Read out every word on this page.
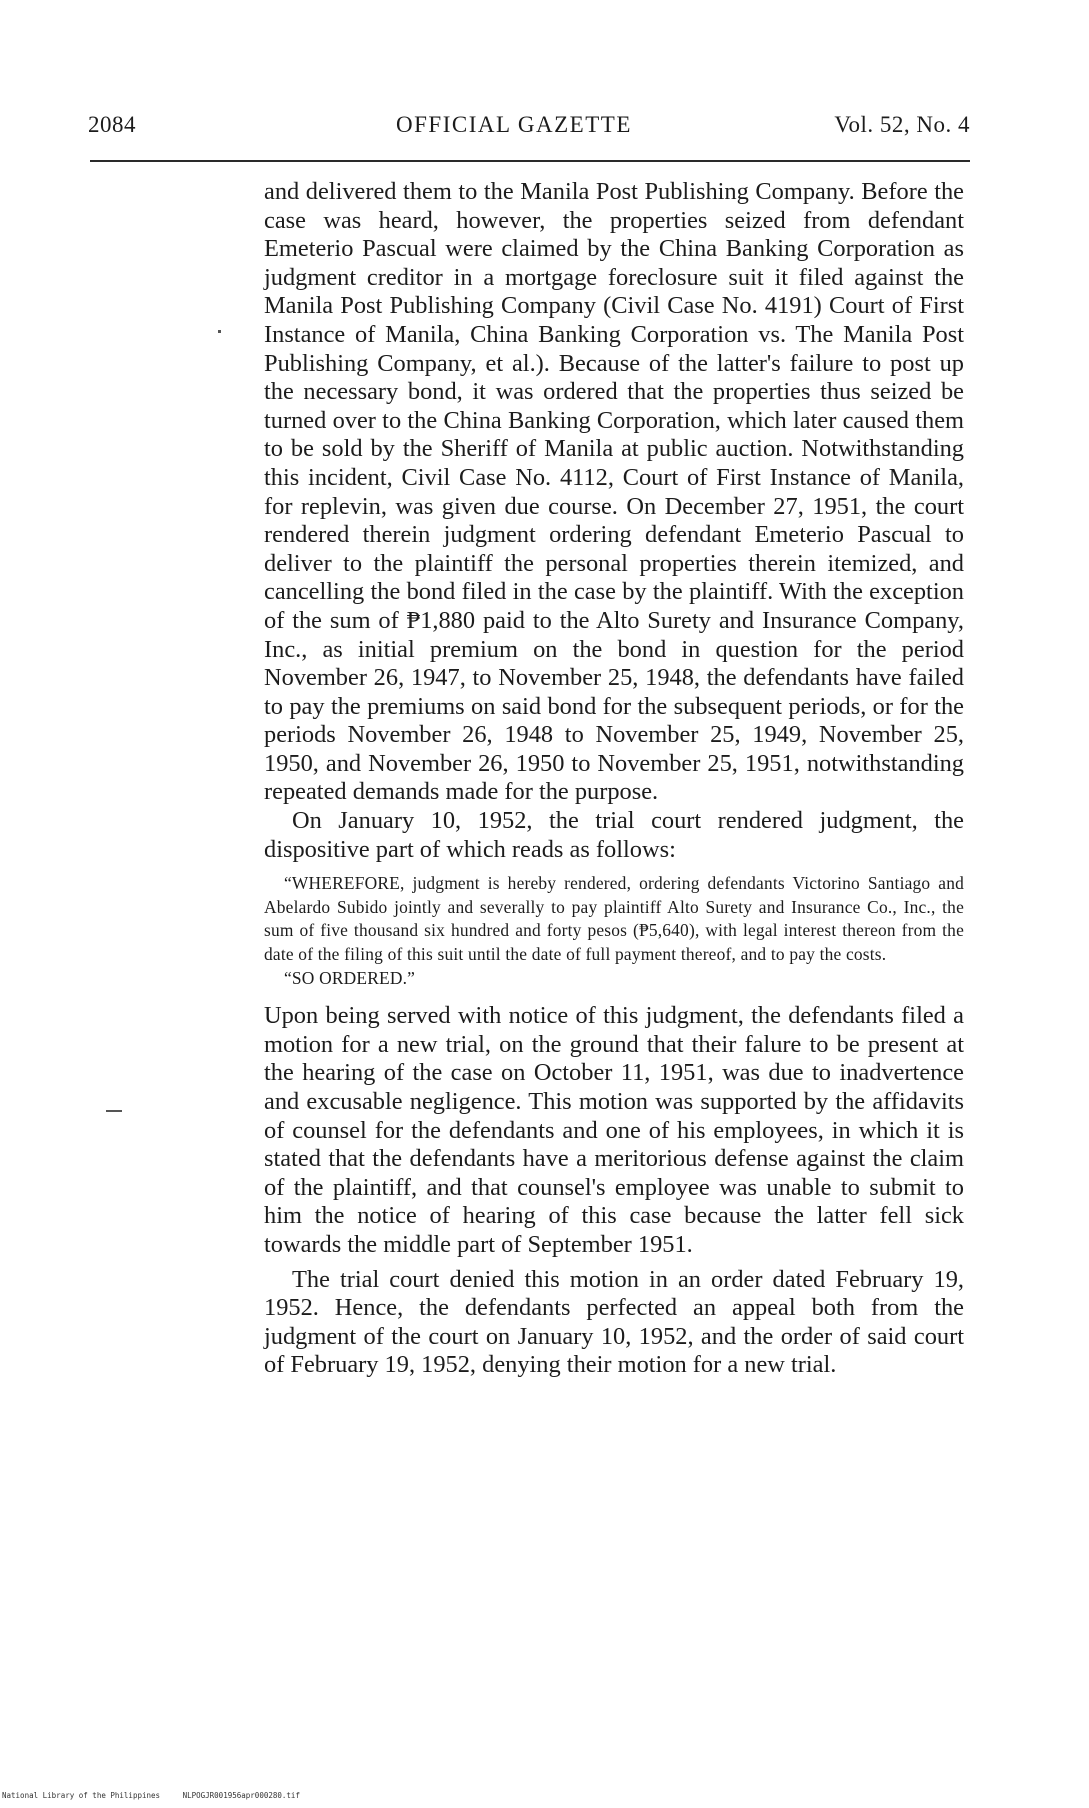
2084	OFFICIAL GAZETTE	Vol. 52, No. 4

and delivered them to the Manila Post Publishing Company. Before the case was heard, however, the properties seized from defendant Emeterio Pascual were claimed by the China Banking Corporation as judgment creditor in a mortgage foreclosure suit it filed against the Manila Post Publishing Company (Civil Case No. 4191) Court of First Instance of Manila, China Banking Corporation vs. The Manila Post Publishing Company, et al.). Because of the latter's failure to post up the necessary bond, it was ordered that the properties thus seized be turned over to the China Banking Corporation, which later caused them to be sold by the Sheriff of Manila at public auction. Notwithstanding this incident, Civil Case No. 4112, Court of First Instance of Manila, for replevin, was given due course. On December 27, 1951, the court rendered therein judgment ordering defendant Emeterio Pascual to deliver to the plaintiff the personal properties therein itemized, and cancelling the bond filed in the case by the plaintiff. With the exception of the sum of ₱1,880 paid to the Alto Surety and Insurance Company, Inc., as initial premium on the bond in question for the period November 26, 1947, to November 25, 1948, the defendants have failed to pay the premiums on said bond for the subsequent periods, or for the periods November 26, 1948 to November 25, 1949, November 25, 1950, and November 26, 1950 to November 25, 1951, notwithstanding repeated demands made for the purpose.

On January 10, 1952, the trial court rendered judgment, the dispositive part of which reads as follows:

“WHEREFORE, judgment is hereby rendered, ordering defendants Victorino Santiago and Abelardo Subido jointly and severally to pay plaintiff Alto Surety and Insurance Co., Inc., the sum of five thousand six hundred and forty pesos (₱5,640), with legal interest thereon from the date of the filing of this suit until the date of full payment thereof, and to pay the costs.

“SO ORDERED.”

Upon being served with notice of this judgment, the defendants filed a motion for a new trial, on the ground that their falure to be present at the hearing of the case on October 11, 1951, was due to inadvertence and excusable negligence. This motion was supported by the affidavits of counsel for the defendants and one of his employees, in which it is stated that the defendants have a meritorious defense against the claim of the plaintiff, and that counsel's employee was unable to submit to him the notice of hearing of this case because the latter fell sick towards the middle part of September 1951.

The trial court denied this motion in an order dated February 19, 1952. Hence, the defendants perfected an appeal both from the judgment of the court on January 10, 1952, and the order of said court of February 19, 1952, denying their motion for a new trial.

National Library of the Philippines	NLPOGJR001956apr000280.tif
